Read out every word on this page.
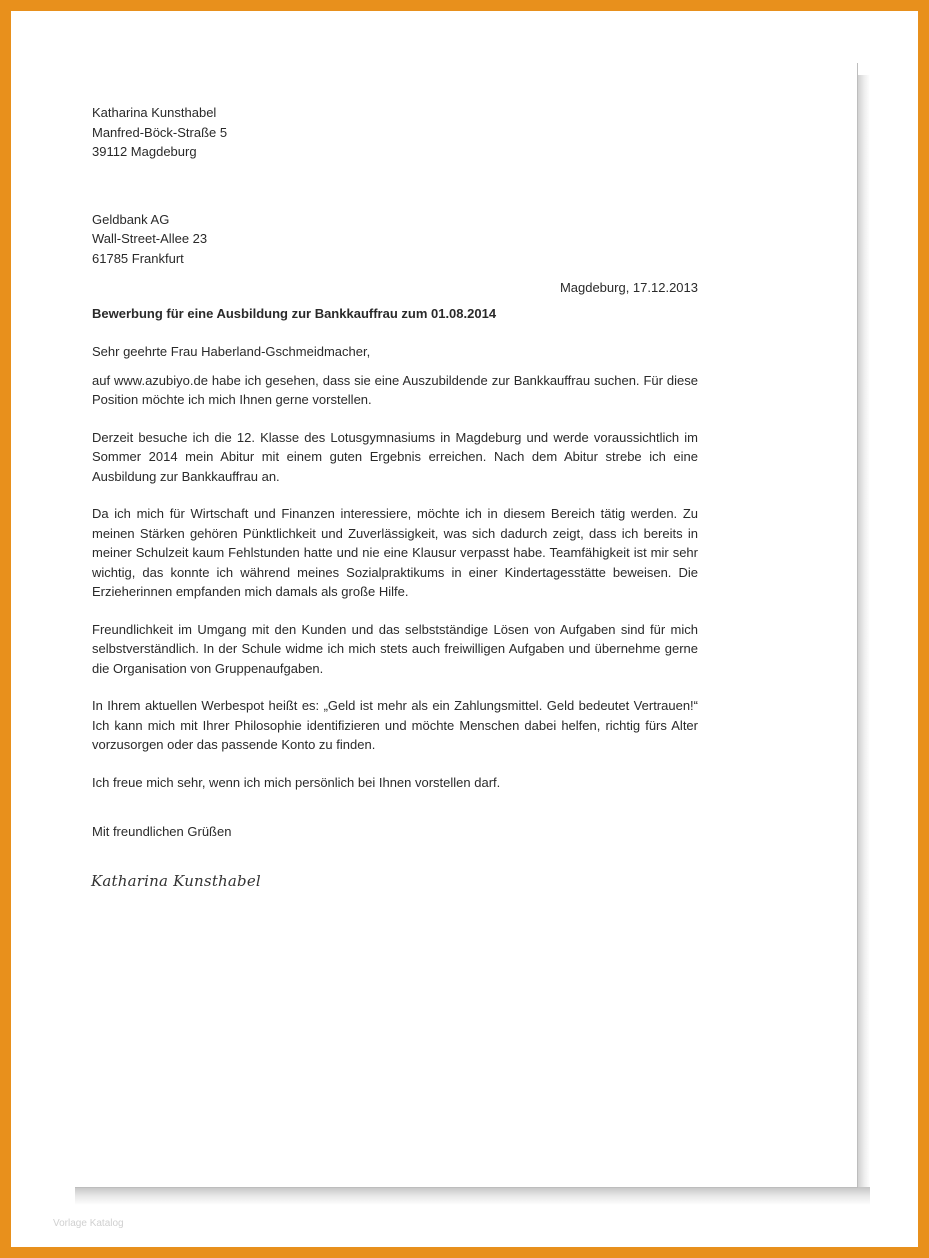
Katharina Kunsthabel
Manfred-Böck-Straße 5
39112 Magdeburg
Geldbank AG
Wall-Street-Allee 23
61785 Frankfurt
Magdeburg, 17.12.2013
Bewerbung für eine Ausbildung zur Bankkauffrau zum 01.08.2014
Sehr geehrte Frau Haberland-Gschmeidmacher,
auf www.azubiyo.de habe ich gesehen, dass sie eine Auszubildende zur Bankkauffrau suchen. Für diese Position möchte ich mich Ihnen gerne vorstellen.
Derzeit besuche ich die 12. Klasse des Lotusgymnasiums in Magdeburg und werde voraussichtlich im Sommer 2014 mein Abitur mit einem guten Ergebnis erreichen. Nach dem Abitur strebe ich eine Ausbildung zur Bankkauffrau an.
Da ich mich für Wirtschaft und Finanzen interessiere, möchte ich in diesem Bereich tätig werden. Zu meinen Stärken gehören Pünktlichkeit und Zuverlässigkeit, was sich dadurch zeigt, dass ich bereits in meiner Schulzeit kaum Fehlstunden hatte und nie eine Klausur verpasst habe. Teamfähigkeit ist mir sehr wichtig, das konnte ich während meines Sozialpraktikums in einer Kindertagesstätte beweisen. Die Erzieherinnen empfanden mich damals als große Hilfe.
Freundlichkeit im Umgang mit den Kunden und das selbstständige Lösen von Aufgaben sind für mich selbstverständlich. In der Schule widme ich mich stets auch freiwilligen Aufgaben und übernehme gerne die Organisation von Gruppenaufgaben.
In Ihrem aktuellen Werbespot heißt es: „Geld ist mehr als ein Zahlungsmittel. Geld bedeutet Vertrauen!“ Ich kann mich mit Ihrer Philosophie identifizieren und möchte Menschen dabei helfen, richtig fürs Alter vorzusorgen oder das passende Konto zu finden.
Ich freue mich sehr, wenn ich mich persönlich bei Ihnen vorstellen darf.
Mit freundlichen Grüßen
Katharina Kunsthabel
Vorlage Katalog
